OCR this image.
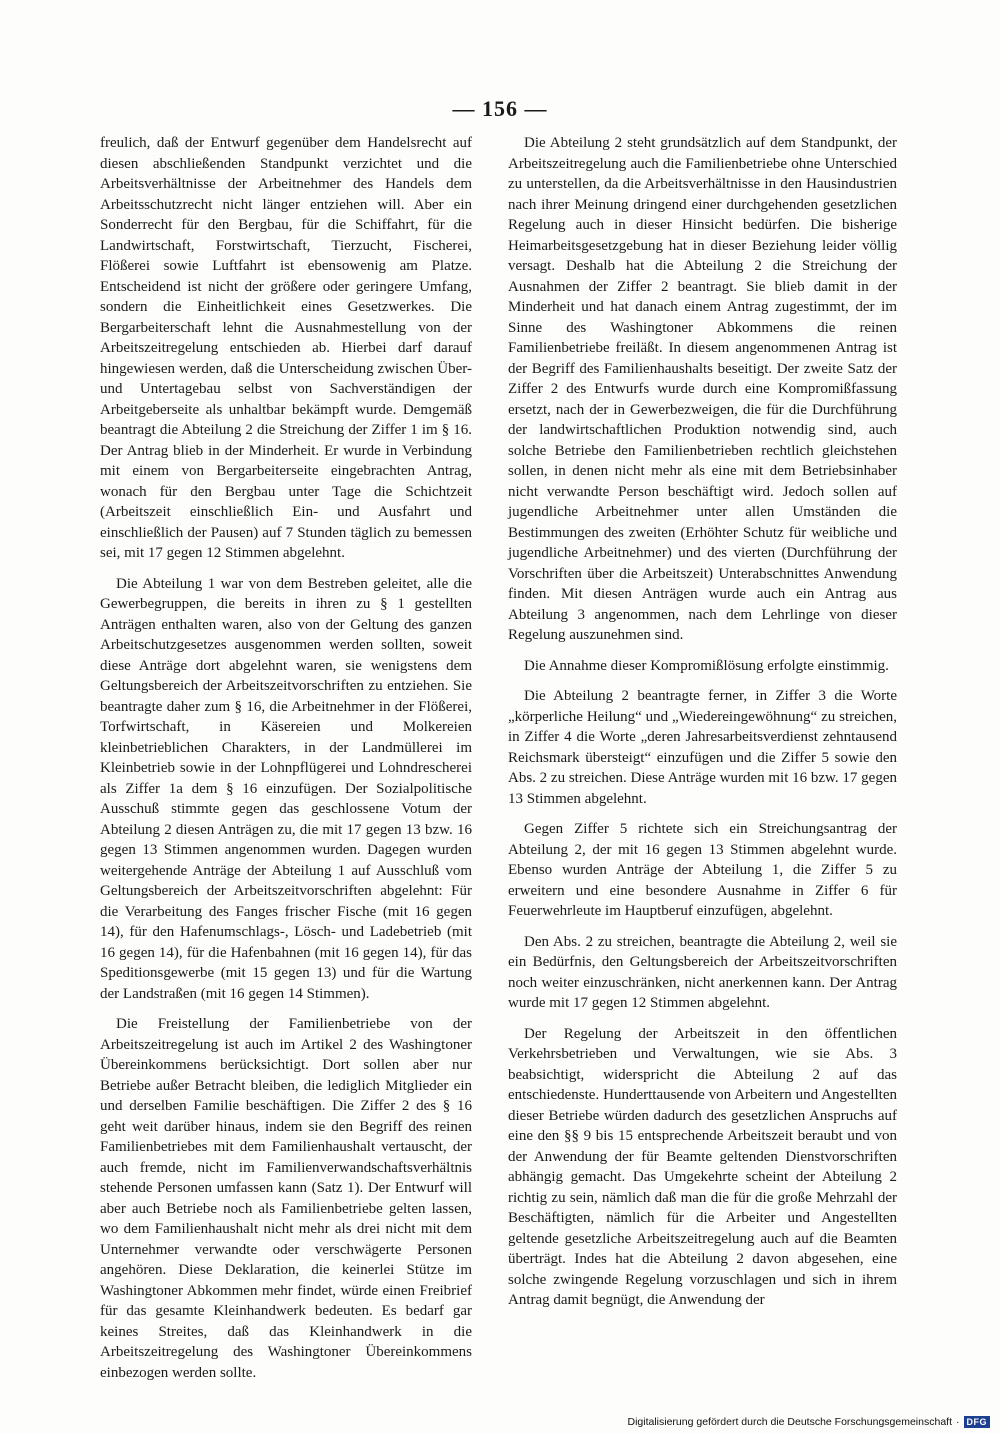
— 156 —

freulich, daß der Entwurf gegenüber dem Handelsrecht auf diesen abschließenden Standpunkt verzichtet und die Arbeitsverhältnisse der Arbeitnehmer des Handels dem Arbeitsschutzrecht nicht länger entziehen will. Aber ein Sonderrecht für den Bergbau, für die Schiffahrt, für die Landwirtschaft, Forstwirtschaft, Tierzucht, Fischerei, Flößerei sowie Luftfahrt ist ebensowenig am Platze. Entscheidend ist nicht der größere oder geringere Umfang, sondern die Einheitlichkeit eines Gesetzwerkes. Die Bergarbeiterschaft lehnt die Ausnahmestellung von der Arbeitszeitregelung entschieden ab. Hierbei darf darauf hingewiesen werden, daß die Unterscheidung zwischen Über- und Untertagebau selbst von Sachverständigen der Arbeitgeberseite als unhaltbar bekämpft wurde. Demgemäß beantragt die Abteilung 2 die Streichung der Ziffer 1 im § 16. Der Antrag blieb in der Minderheit. Er wurde in Verbindung mit einem von Bergarbeiterseite eingebrachten Antrag, wonach für den Bergbau unter Tage die Schichtzeit (Arbeitszeit einschließlich Ein- und Ausfahrt und einschließlich der Pausen) auf 7 Stunden täglich zu bemessen sei, mit 17 gegen 12 Stimmen abgelehnt.

Die Abteilung 1 war von dem Bestreben geleitet, alle die Gewerbegruppen, die bereits in ihren zu § 1 gestellten Anträgen enthalten waren, also von der Geltung des ganzen Arbeitschutzgesetzes ausgenommen werden sollten, soweit diese Anträge dort abgelehnt waren, sie wenigstens dem Geltungsbereich der Arbeitszeitvorschriften zu entziehen. Sie beantragte daher zum § 16, die Arbeitnehmer in der Flößerei, Torfwirtschaft, in Käsereien und Molkereien kleinbetrieblichen Charakters, in der Landmüllerei im Kleinbetrieb sowie in der Lohnpflügerei und Lohndrescherei als Ziffer 1a dem § 16 einzufügen. Der Sozialpolitische Ausschuß stimmte gegen das geschlossene Votum der Abteilung 2 diesen Anträgen zu, die mit 17 gegen 13 bzw. 16 gegen 13 Stimmen angenommen wurden. Dagegen wurden weitergehende Anträge der Abteilung 1 auf Ausschluß vom Geltungsbereich der Arbeitszeitvorschriften abgelehnt: Für die Verarbeitung des Fanges frischer Fische (mit 16 gegen 14), für den Hafenumschlags-, Lösch- und Ladebetrieb (mit 16 gegen 14), für die Hafenbahnen (mit 16 gegen 14), für das Speditionsgewerbe (mit 15 gegen 13) und für die Wartung der Landstraßen (mit 16 gegen 14 Stimmen).

Die Freistellung der Familienbetriebe von der Arbeitszeitregelung ist auch im Artikel 2 des Washingtoner Übereinkommens berücksichtigt. Dort sollen aber nur Betriebe außer Betracht bleiben, die lediglich Mitglieder ein und derselben Familie beschäftigen. Die Ziffer 2 des § 16 geht weit darüber hinaus, indem sie den Begriff des reinen Familienbetriebes mit dem Familienhaushalt vertauscht, der auch fremde, nicht im Familienverwandschaftsverhältnis stehende Personen umfassen kann (Satz 1). Der Entwurf will aber auch Betriebe noch als Familienbetriebe gelten lassen, wo dem Familienhaushalt nicht mehr als drei nicht mit dem Unternehmer verwandte oder verschwägerte Personen angehören. Diese Deklaration, die keinerlei Stütze im Washingtoner Abkommen mehr findet, würde einen Freibrief für das gesamte Kleinhandwerk bedeuten. Es bedarf gar keines Streites, daß das Kleinhandwerk in die Arbeitszeitregelung des Washingtoner Übereinkommens einbezogen werden sollte.

Die Abteilung 2 steht grundsätzlich auf dem Standpunkt, der Arbeitszeitregelung auch die Familienbetriebe ohne Unterschied zu unterstellen, da die Arbeitsverhältnisse in den Hausindustrien nach ihrer Meinung dringend einer durchgehenden gesetzlichen Regelung auch in dieser Hinsicht bedürfen. Die bisherige Heimarbeitsgesetzgebung hat in dieser Beziehung leider völlig versagt. Deshalb hat die Abteilung 2 die Streichung der Ausnahmen der Ziffer 2 beantragt. Sie blieb damit in der Minderheit und hat danach einem Antrag zugestimmt, der im Sinne des Washingtoner Abkommens die reinen Familienbetriebe freiläßt. In diesem angenommenen Antrag ist der Begriff des Familienhaushalts beseitigt. Der zweite Satz der Ziffer 2 des Entwurfs wurde durch eine Kompromißfassung ersetzt, nach der in Gewerbezweigen, die für die Durchführung der landwirtschaftlichen Produktion notwendig sind, auch solche Betriebe den Familienbetrieben rechtlich gleichstehen sollen, in denen nicht mehr als eine mit dem Betriebsinhaber nicht verwandte Person beschäftigt wird. Jedoch sollen auf jugendliche Arbeitnehmer unter allen Umständen die Bestimmungen des zweiten (Erhöhter Schutz für weibliche und jugendliche Arbeitnehmer) und des vierten (Durchführung der Vorschriften über die Arbeitszeit) Unterabschnittes Anwendung finden. Mit diesen Anträgen wurde auch ein Antrag aus Abteilung 3 angenommen, nach dem Lehrlinge von dieser Regelung auszunehmen sind.

Die Annahme dieser Kompromißlösung erfolgte einstimmig.

Die Abteilung 2 beantragte ferner, in Ziffer 3 die Worte „körperliche Heilung“ und „Wiedereingewöhnung“ zu streichen, in Ziffer 4 die Worte „deren Jahresarbeitsverdienst zehntausend Reichsmark übersteigt“ einzufügen und die Ziffer 5 sowie den Abs. 2 zu streichen. Diese Anträge wurden mit 16 bzw. 17 gegen 13 Stimmen abgelehnt.

Gegen Ziffer 5 richtete sich ein Streichungsantrag der Abteilung 2, der mit 16 gegen 13 Stimmen abgelehnt wurde. Ebenso wurden Anträge der Abteilung 1, die Ziffer 5 zu erweitern und eine besondere Ausnahme in Ziffer 6 für Feuerwehrleute im Hauptberuf einzufügen, abgelehnt.

Den Abs. 2 zu streichen, beantragte die Abteilung 2, weil sie ein Bedürfnis, den Geltungsbereich der Arbeitszeitvorschriften noch weiter einzuschränken, nicht anerkennen kann. Der Antrag wurde mit 17 gegen 12 Stimmen abgelehnt.

Der Regelung der Arbeitszeit in den öffentlichen Verkehrsbetrieben und Verwaltungen, wie sie Abs. 3 beabsichtigt, widerspricht die Abteilung 2 auf das entschiedenste. Hunderttausende von Arbeitern und Angestellten dieser Betriebe würden dadurch des gesetzlichen Anspruchs auf eine den §§ 9 bis 15 entsprechende Arbeitszeit beraubt und von der Anwendung der für Beamte geltenden Dienstvorschriften abhängig gemacht. Das Umgekehrte scheint der Abteilung 2 richtig zu sein, nämlich daß man die für die große Mehrzahl der Beschäftigten, nämlich für die Arbeiter und Angestellten geltende gesetzliche Arbeitszeitregelung auch auf die Beamten überträgt. Indes hat die Abteilung 2 davon abgesehen, eine solche zwingende Regelung vorzuschlagen und sich in ihrem Antrag damit begnügt, die Anwendung der

Digitalisierung gefördert durch die Deutsche Forschungsgemeinschaft · DFG
